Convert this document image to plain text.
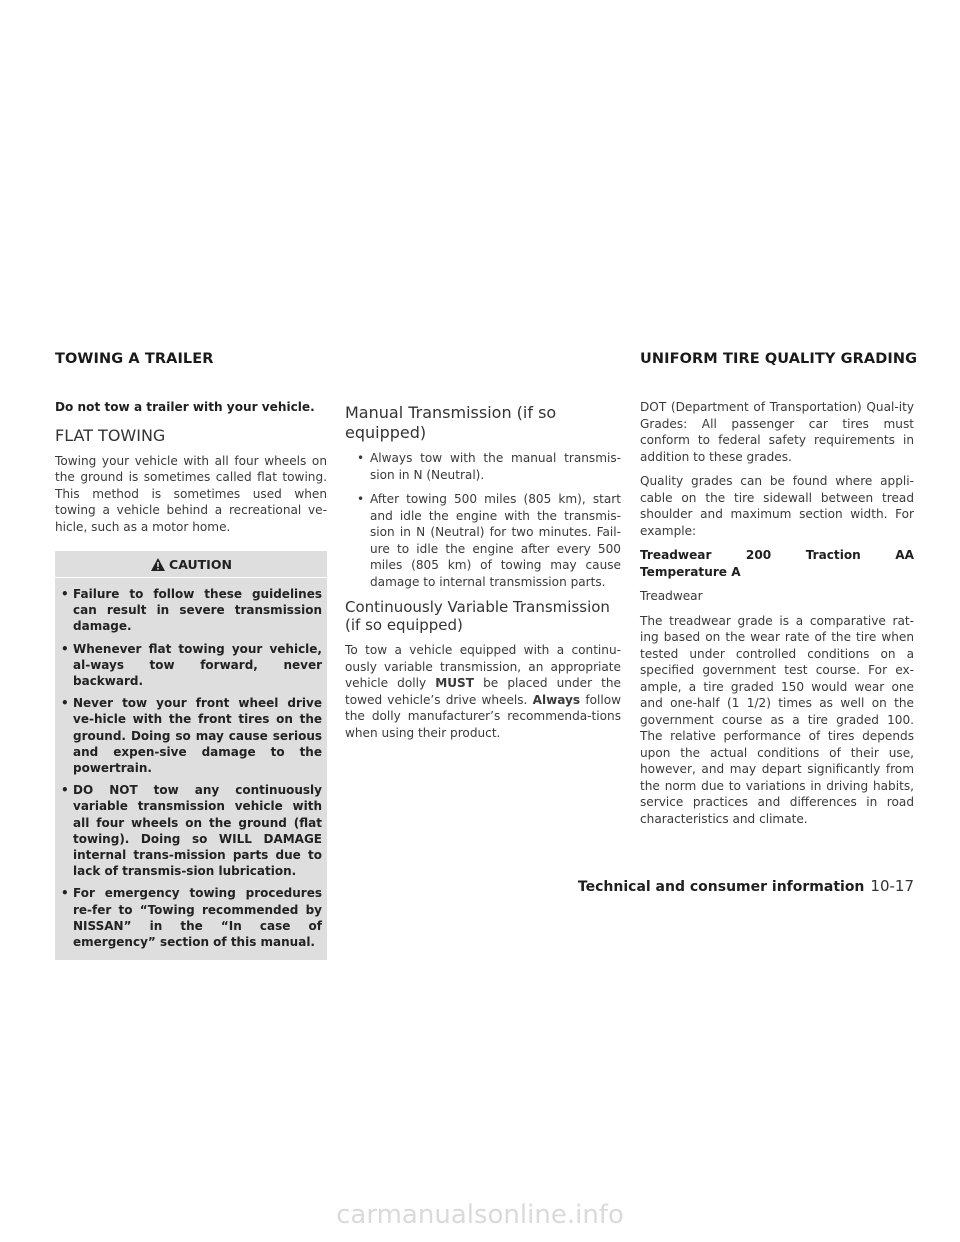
TOWING A TRAILER	UNIFORM TIRE QUALITY GRADING

Do not tow a trailer with your vehicle.

FLAT TOWING

Towing your vehicle with all four wheels on the ground is sometimes called flat towing. This method is sometimes used when towing a vehicle behind a recreational ve-hicle, such as a motor home.

CAUTION
• Failure to follow these guidelines can result in severe transmission damage.
• Whenever flat towing your vehicle, al-ways tow forward, never backward.
• Never tow your front wheel drive ve-hicle with the front tires on the ground. Doing so may cause serious and expen-sive damage to the powertrain.
• DO NOT tow any continuously variable transmission vehicle with all four wheels on the ground (flat towing). Doing so WILL DAMAGE internal trans-mission parts due to lack of transmis-sion lubrication.
• For emergency towing procedures re-fer to “Towing recommended by NISSAN” in the “In case of emergency” section of this manual.
Manual Transmission (if so equipped)
• Always tow with the manual transmis-sion in N (Neutral).
• After towing 500 miles (805 km), start and idle the engine with the transmis-sion in N (Neutral) for two minutes. Fail-ure to idle the engine after every 500 miles (805 km) of towing may cause damage to internal transmission parts.
Continuously Variable Transmission (if so equipped)

To tow a vehicle equipped with a continu-ously variable transmission, an appropriate vehicle dolly MUST be placed under the towed vehicle’s drive wheels. Always follow the dolly manufacturer’s recommenda-tions when using their product.

DOT (Department of Transportation) Qual-ity Grades: All passenger car tires must conform to federal safety requirements in addition to these grades.

Quality grades can be found where appli-cable on the tire sidewall between tread shoulder and maximum section width. For example:

Treadwear 200 Traction AA Temperature A

Treadwear

The treadwear grade is a comparative rat-ing based on the wear rate of the tire when tested under controlled conditions on a specified government test course. For ex-ample, a tire graded 150 would wear one and one-half (1 1/2) times as well on the government course as a tire graded 100. The relative performance of tires depends upon the actual conditions of their use, however, and may depart significantly from the norm due to variations in driving habits, service practices and differences in road characteristics and climate.

Technical and consumer information 10-17
carmanualsonline.info
